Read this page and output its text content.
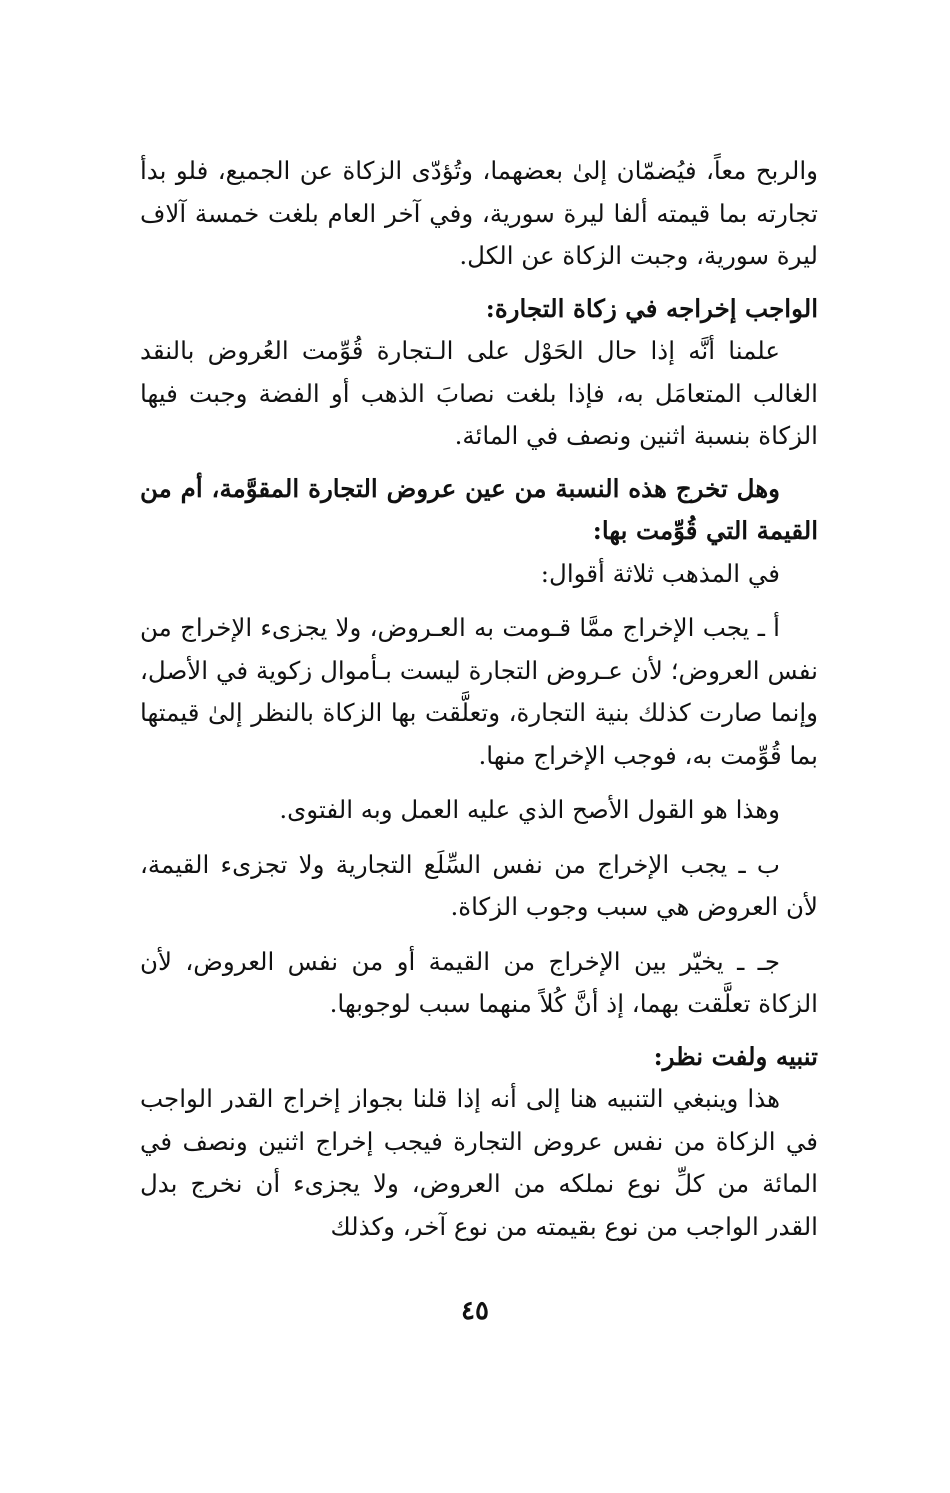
والربح معاً، فيُضمّان إلىٰ بعضهما، وتُؤدّى الزكاة عن الجميع، فلو بدأ تجارته بما قيمته ألفا ليرة سورية، وفي آخر العام بلغت خمسة آلاف ليرة سورية، وجبت الزكاة عن الكل.

الواجب إخراجه في زكاة التجارة:

علمنا أنَّه إذا حال الحَوْل على الـتجارة قُوِّمت العُروض بالنقد الغالب المتعامَل به، فإذا بلغت نصابَ الذهب أو الفضة وجبت فيها الزكاة بنسبة اثنين ونصف في المائة.

وهل تخرج هذه النسبة من عين عروض التجارة المقوَّمة، أم من القيمة التي قُوِّمت بها:

في المذهب ثلاثة أقوال:

أ ـ يجب الإخراج ممَّا قـومت به العـروض، ولا يجزىء الإخراج من نفس العروض؛ لأن عـروض التجارة ليست بـأموال زكوية في الأصل، وإنما صارت كذلك بنية التجارة، وتعلَّقت بها الزكاة بالنظر إلىٰ قيمتها بما قُوِّمت به، فوجب الإخراج منها.

وهذا هو القول الأصح الذي عليه العمل وبه الفتوى.

ب ـ يجب الإخراج من نفس السِّلَع التجارية ولا تجزىء القيمة، لأن العروض هي سبب وجوب الزكاة.

جـ ـ يخيّر بين الإخراج من القيمة أو من نفس العروض، لأن الزكاة تعلَّقت بهما، إذ أنَّ كُلاً منهما سبب لوجوبها.

تنبيه ولفت نظر:

هذا وينبغي التنبيه هنا إلى أنه إذا قلنا بجواز إخراج القدر الواجب في الزكاة من نفس عروض التجارة فيجب إخراج اثنين ونصف في المائة من كلِّ نوع نملكه من العروض، ولا يجزىء أن نخرج بدل القدر الواجب من نوع بقيمته من نوع آخر، وكذلك

٤٥
